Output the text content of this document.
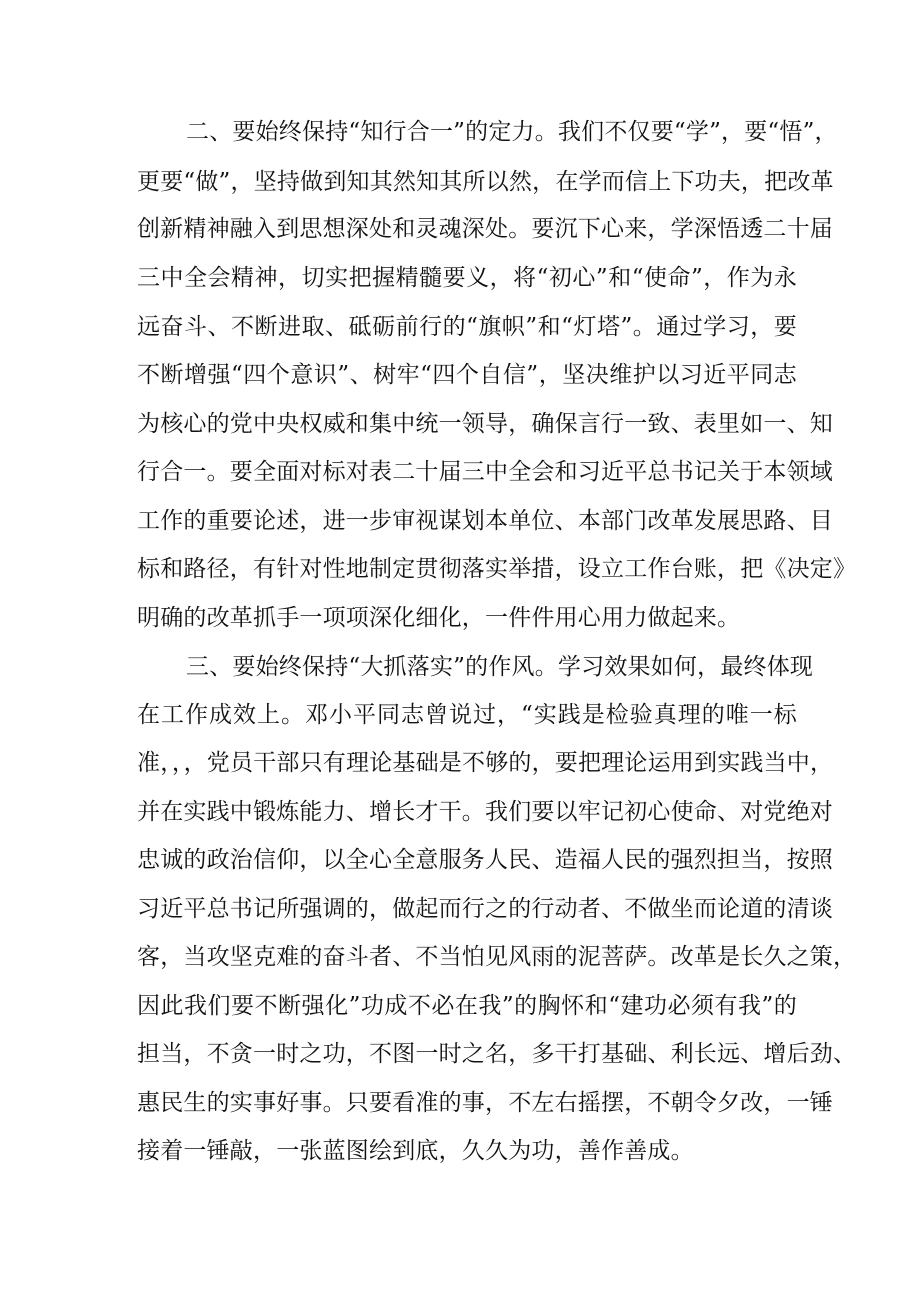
二、要始终保持“知行合一”的定力。我们不仅要“学”，要“悟”，
更要“做”，坚持做到知其然知其所以然，在学而信上下功夫，把改革
创新精神融入到思想深处和灵魂深处。要沉下心来，学深悟透二十届
三中全会精神，切实把握精髓要义，将“初心”和“使命”，作为永
远奋斗、不断进取、砥砺前行的“旗帜”和“灯塔”。通过学习，要
不断增强“四个意识”、树牢“四个自信”，坚决维护以习近平同志
为核心的党中央权威和集中统一领导，确保言行一致、表里如一、知
行合一。要全面对标对表二十届三中全会和习近平总书记关于本领域
工作的重要论述，进一步审视谋划本单位、本部门改革发展思路、目
标和路径，有针对性地制定贯彻落实举措，设立工作台账，把《决定》
明确的改革抓手一项项深化细化，一件件用心用力做起来。
三、要始终保持“大抓落实”的作风。学习效果如何，最终体现
在工作成效上。邓小平同志曾说过，“实践是检验真理的唯一标
准，，，党员干部只有理论基础是不够的，要把理论运用到实践当中，
并在实践中锻炼能力、增长才干。我们要以牢记初心使命、对党绝对
忠诚的政治信仰，以全心全意服务人民、造福人民的强烈担当，按照
习近平总书记所强调的，做起而行之的行动者、不做坐而论道的清谈
客，当攻坚克难的奋斗者、不当怕见风雨的泥菩萨。改革是长久之策，
因此我们要不断强化”功成不必在我”的胸怀和“建功必须有我”的
担当，不贪一时之功，不图一时之名，多干打基础、利长远、增后劲、
惠民生的实事好事。只要看准的事，不左右摇摆，不朝令夕改，一锤
接着一锤敲，一张蓝图绘到底，久久为功，善作善成。
